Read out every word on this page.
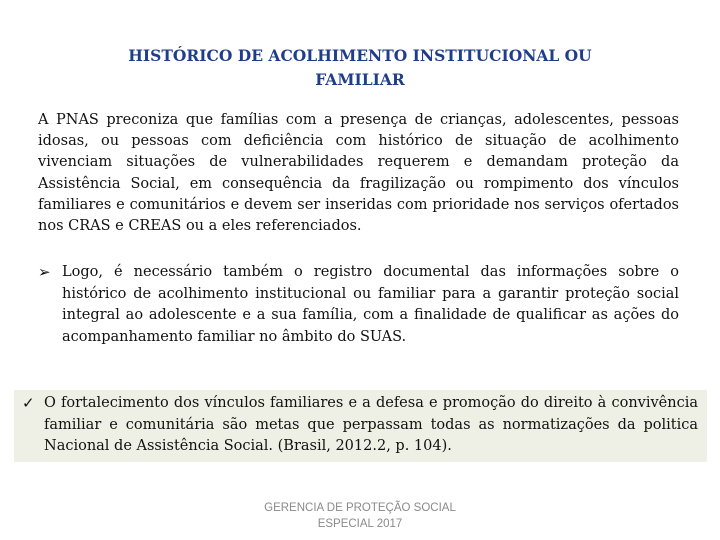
HISTÓRICO DE ACOLHIMENTO INSTITUCIONAL OU
FAMILIAR

A PNAS preconiza que famílias com a presença de crianças, adolescentes, pessoas idosas, ou pessoas com deficiência com histórico de situação de acolhimento vivenciam situações de vulnerabilidades requerem e demandam proteção da Assistência Social, em consequência da fragilização ou rompimento dos vínculos familiares e comunitários e devem ser inseridas com prioridade nos serviços ofertados nos CRAS e CREAS ou a eles referenciados.

➢ Logo, é necessário também o registro documental das informações sobre o histórico de acolhimento institucional ou familiar para a garantir proteção social integral ao adolescente e a sua família, com a finalidade de qualificar as ações do acompanhamento familiar no âmbito do SUAS.

✓ O fortalecimento dos vínculos familiares e a defesa e promoção do direito à convivência familiar e comunitária são metas que perpassam todas as normatizações da politica Nacional de Assistência Social. (Brasil, 2012.2, p. 104).

GERENCIA DE PROTEÇÃO SOCIAL
ESPECIAL 2017
